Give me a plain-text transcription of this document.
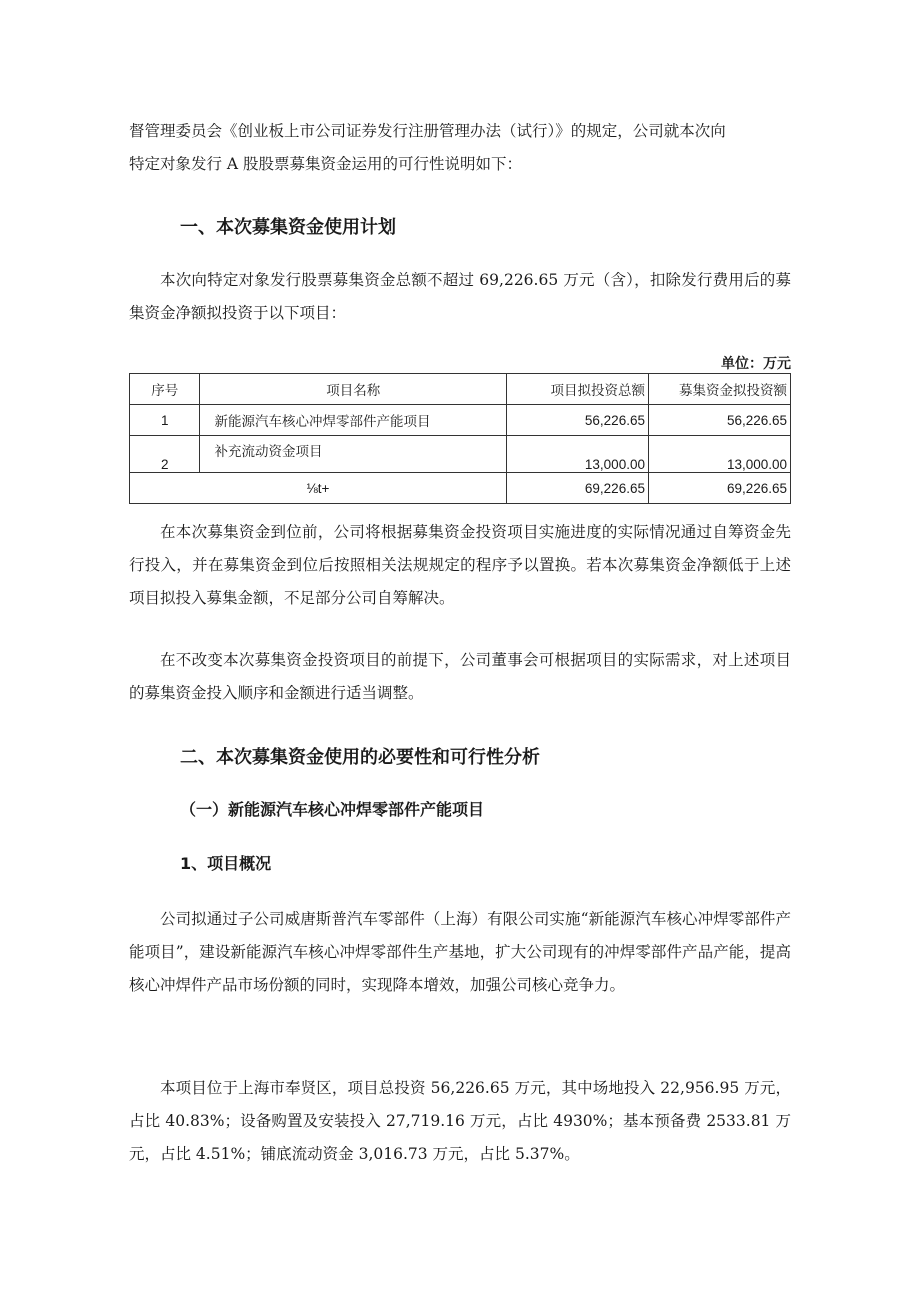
督管理委员会《创业板上市公司证券发行注册管理办法（试行）》的规定，公司就本次向

特定对象发行 A 股股票募集资金运用的可行性说明如下：

一、本次募集资金使用计划

本次向特定对象发行股票募集资金总额不超过 69,226.65 万元（含），扣除发行费用后的募集资金净额拟投资于以下项目：

单位：万元
序号	项目名称	项目拟投资总额	募集资金拟投资额
1	新能源汽车核心冲焊零部件产能项目	56,226.65	56,226.65
2	补充流动资金项目	13,000.00	13,000.00
⅛t+		69,226.65	69,226.65

在本次募集资金到位前，公司将根据募集资金投资项目实施进度的实际情况通过自筹资金先行投入，并在募集资金到位后按照相关法规规定的程序予以置换。若本次募集资金净额低于上述项目拟投入募集金额，不足部分公司自筹解决。

在不改变本次募集资金投资项目的前提下，公司董事会可根据项目的实际需求，对上述项目的募集资金投入顺序和金额进行适当调整。

二、本次募集资金使用的必要性和可行性分析
（一）新能源汽车核心冲焊零部件产能项目
1、项目概况

公司拟通过子公司威唐斯普汽车零部件（上海）有限公司实施“新能源汽车核心冲焊零部件产能项目”，建设新能源汽车核心冲焊零部件生产基地，扩大公司现有的冲焊零部件产品产能，提高核心冲焊件产品市场份额的同时，实现降本增效，加强公司核心竞争力。

本项目位于上海市奉贤区，项目总投资 56,226.65 万元，其中场地投入 22,956.95 万元，占比 40.83%；设备购置及安装投入 27,719.16 万元，占比 4930%；基本预备费 2533.81 万元，占比 4.51%；铺底流动资金 3,016.73 万元，占比 5.37%。
